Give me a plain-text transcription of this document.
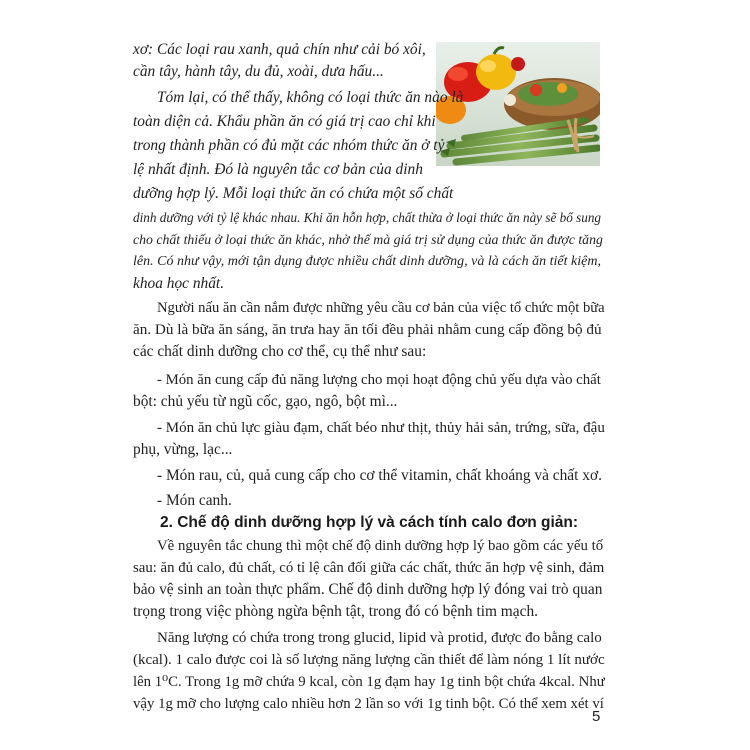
xơ: Các loại rau xanh, quả chín như cải bó xôi,
cần tây, hành tây, du đủ, xoài, dưa hấu...
Tóm lại, có thể thấy, không có loại thức ăn nào là
toàn diện cả. Khẩu phần ăn có giá trị cao chỉ khi
trong thành phần có đủ mặt các nhóm thức ăn ở tỷ
lệ nhất định. Đó là nguyên tắc cơ bản của dinh
dưỡng hợp lý. Mỗi loại thức ăn có chứa một số chất
dinh dưỡng với tỷ lệ khác nhau. Khi ăn hỗn hợp, chất thừa ở loại thức ăn này sẽ bổ sung
cho chất thiếu ở loại thức ăn khác, nhờ thế mà giá trị sử dụng của thức ăn được tăng
lên. Có như vậy, mới tận dụng được nhiều chất dinh dưỡng, và là cách ăn tiết kiệm,
khoa học nhất.
Người nấu ăn cần nắm được những yêu cầu cơ bản của việc tổ chức một bữa
ăn. Dù là bữa ăn sáng, ăn trưa hay ăn tối đều phải nhằm cung cấp đồng bộ đủ
các chất dinh dưỡng cho cơ thể, cụ thể như sau:
- Món ăn cung cấp đủ năng lượng cho mọi hoạt động chủ yếu dựa vào chất
bột: chủ yếu từ ngũ cốc, gạo, ngô, bột mì...
- Món ăn chủ lực giàu đạm, chất béo như thịt, thủy hải sản, trứng, sữa, đậu
phụ, vừng, lạc...
- Món rau, củ, quả cung cấp cho cơ thể vitamin, chất khoáng và chất xơ.
- Món canh.
2. Chế độ dinh dưỡng hợp lý và cách tính calo đơn giản:
Về nguyên tắc chung thì một chế độ dinh dưỡng hợp lý bao gồm các yếu tố
sau: ăn đủ calo, đủ chất, có tỉ lệ cân đối giữa các chất, thức ăn hợp vệ sinh, đảm
bảo vệ sinh an toàn thực phẩm. Chế độ dinh dưỡng hợp lý đóng vai trò quan
trọng trong việc phòng ngừa bệnh tật, trong đó có bệnh tim mạch.
Năng lượng có chứa trong trong glucid, lipid và protid, được đo bằng calo
(kcal). 1 calo được coi là số lượng năng lượng cần thiết để làm nóng 1 lít nước
lên 1⁰C. Trong 1g mỡ chứa 9 kcal, còn 1g đạm hay 1g tinh bột chứa 4kcal. Như
vậy 1g mỡ cho lượng calo nhiều hơn 2 lần so với 1g tinh bột. Có thể xem xét ví
5
